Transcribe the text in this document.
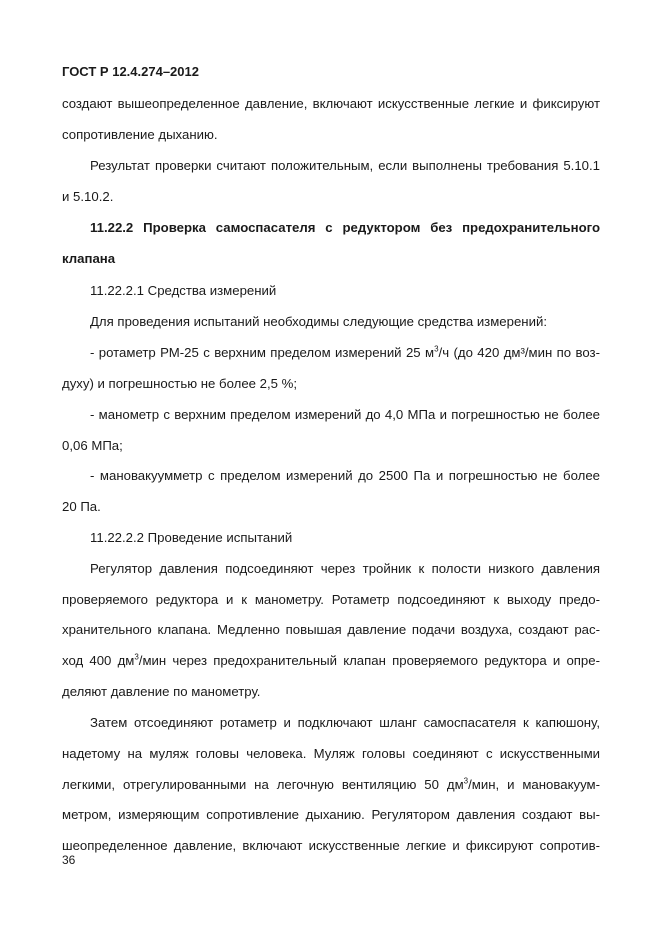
ГОСТ Р 12.4.274–2012
создают вышеопределенное давление, включают искусственные легкие и фиксируют
сопротивление дыханию.
Результат проверки считают положительным, если выполнены требования 5.10.1
и 5.10.2.
11.22.2 Проверка самоспасателя с редуктором без предохранительного
клапана
11.22.2.1 Средства измерений
Для проведения испытаний необходимы следующие средства измерений:
- ротаметр РМ-25 с верхним пределом измерений 25 $м^3/ч$ (до 420 дм³/мин по воз-
духу) и погрешностью не более 2,5 %;
- манометр с верхним пределом измерений до 4,0 МПа и погрешностью не более
0,06 МПа;
- мановакуумметр с пределом измерений до 2500 Па и погрешностью не более
20 Па.
11.22.2.2 Проведение испытаний
Регулятор давления подсоединяют через тройник к полости низкого давления
проверяемого редуктора и к манометру. Ротаметр подсоединяют к выходу предо-
хранительного клапана. Медленно повышая давление подачи воздуха, создают рас-
ход 400 $дм^3$/мин через предохранительный клапан проверяемого редуктора и опре-
деляют давление по манометру.
Затем отсоединяют ротаметр и подключают шланг самоспасателя к капюшону,
надетому на муляж головы человека. Муляж головы соединяют с искусственными
легкими, отрегулированными на легочную вентиляцию 50 $дм^3$/мин, и мановакуум-
метром, измеряющим сопротивление дыханию. Регулятором давления создают вы-
шеопределенное давление, включают искусственные легкие и фиксируют сопротив-
36
